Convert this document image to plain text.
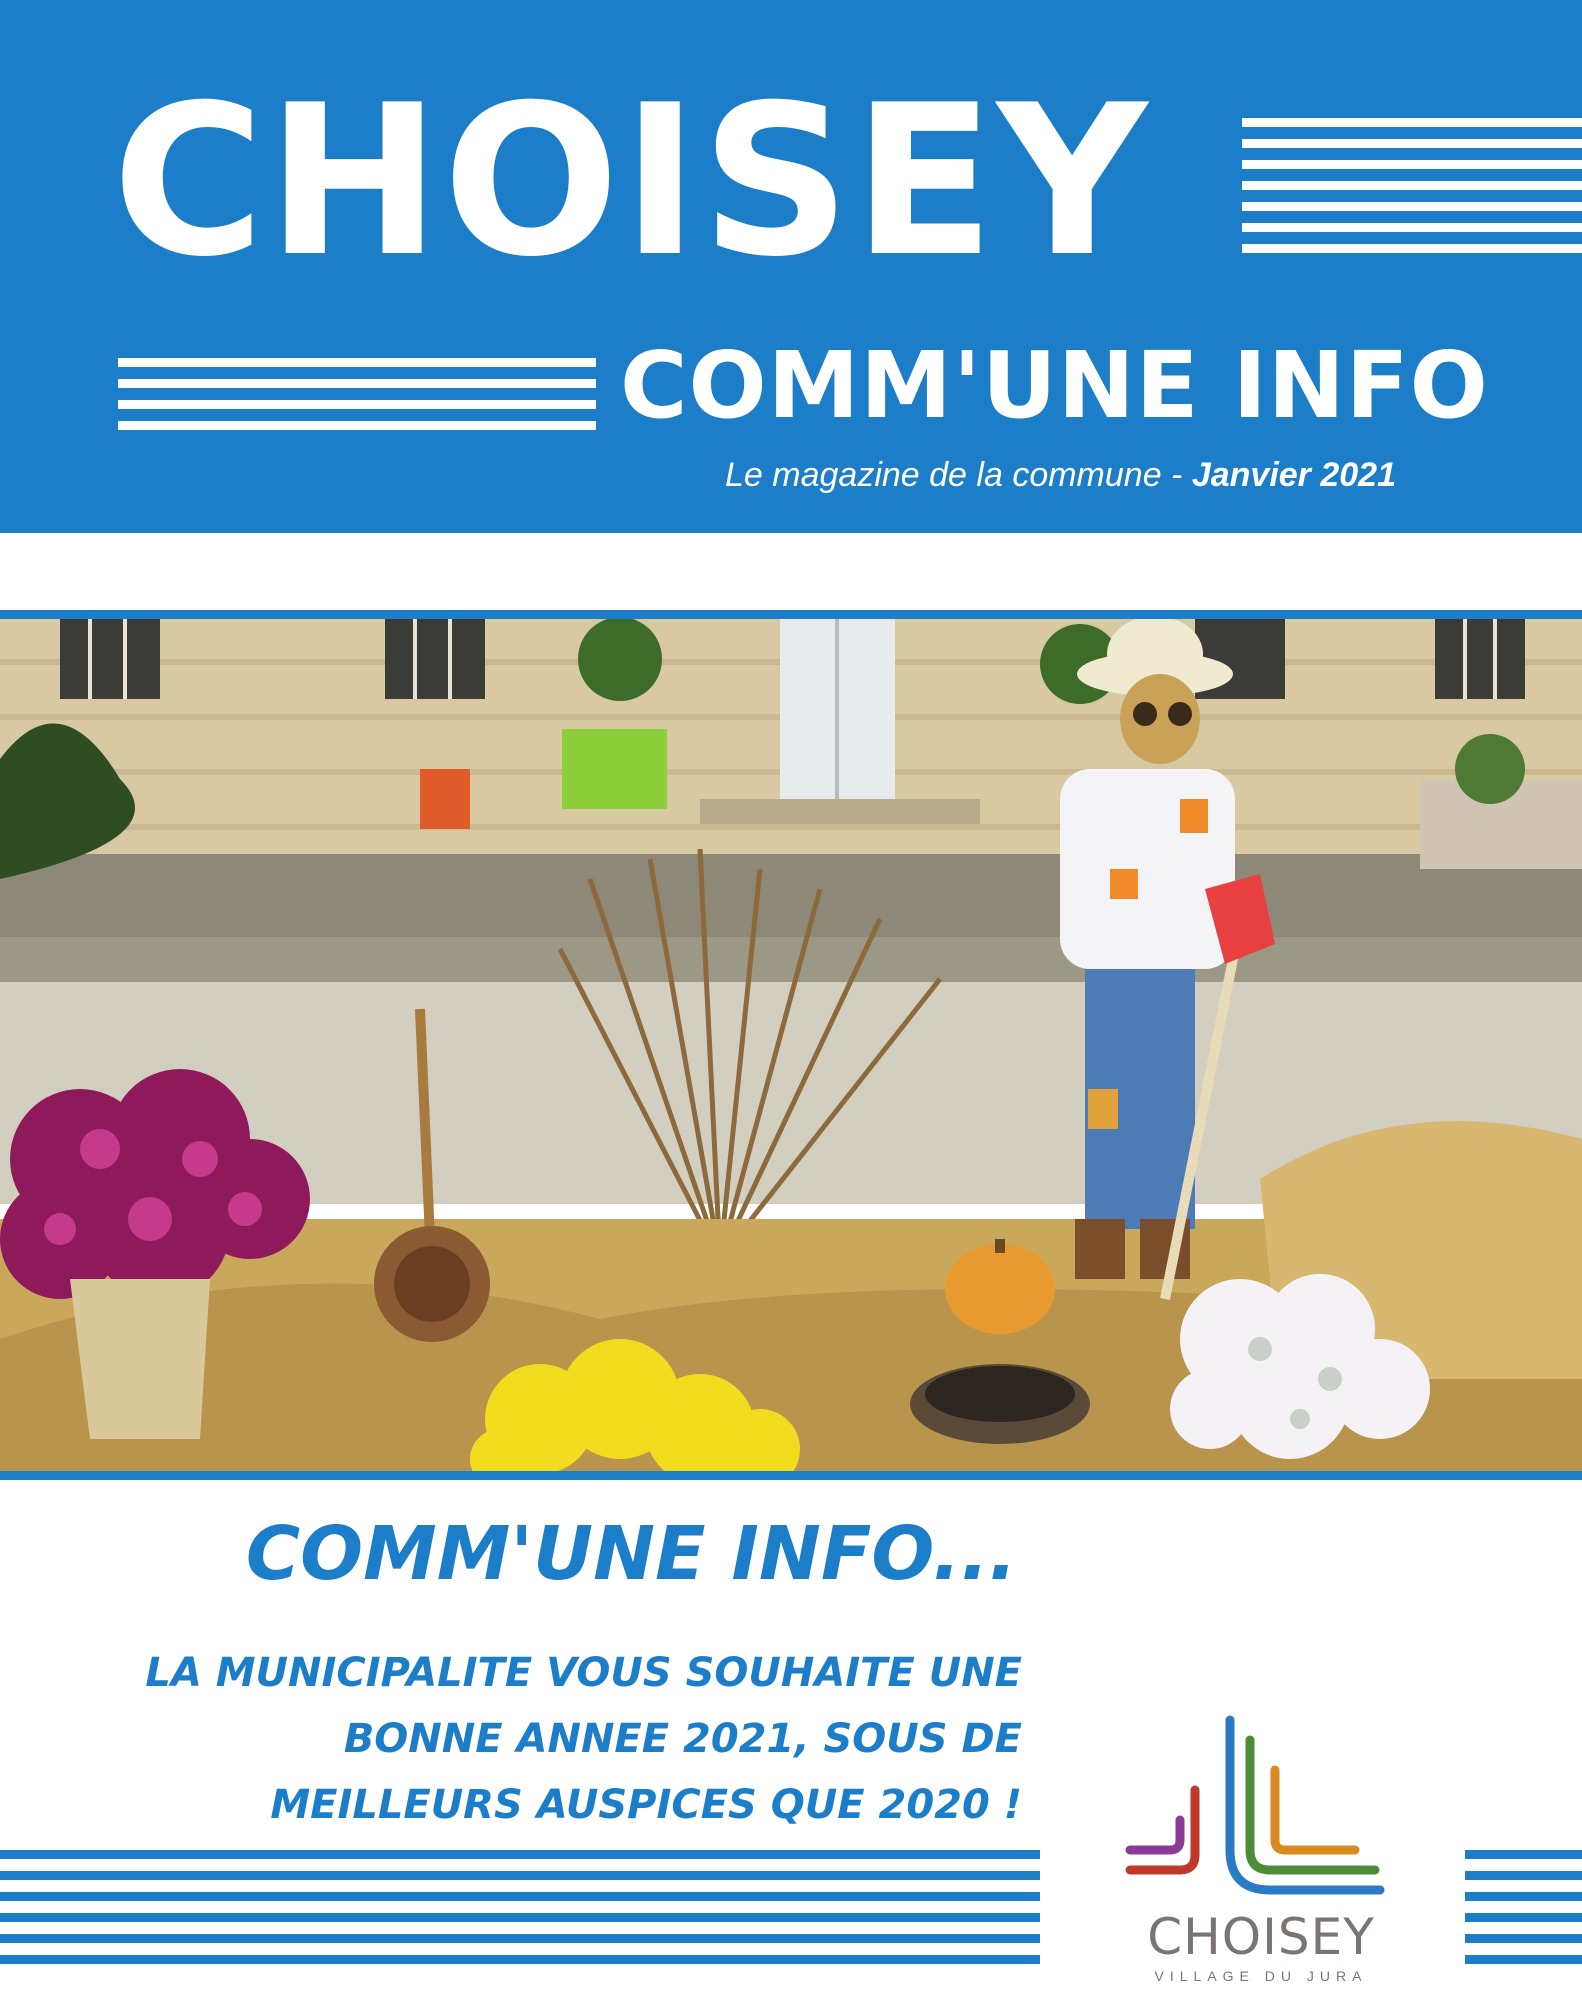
CHOISEY
COMM'UNE INFO
Le magazine de la commune - Janvier 2021
COMM'UNE INFO...
LA MUNICIPALITE VOUS SOUHAITE UNE
BONNE ANNEE 2021, SOUS DE
MEILLEURS AUSPICES QUE 2020 !
CHOISEY
VILLAGE DU JURA
